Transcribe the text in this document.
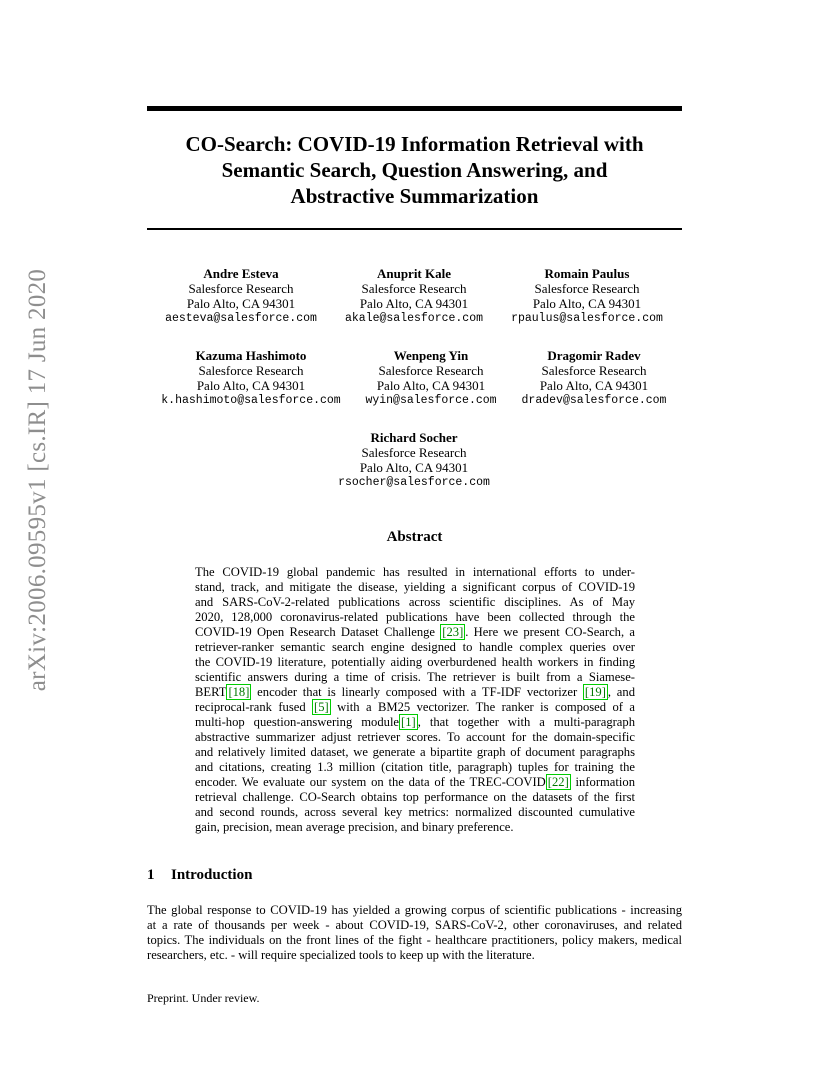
arXiv:2006.09595v1 [cs.IR] 17 Jun 2020
CO-Search: COVID-19 Information Retrieval with
Semantic Search, Question Answering, and
Abstractive Summarization
Andre Esteva
Salesforce Research
Palo Alto, CA 94301
aesteva@salesforce.com
Anuprit Kale
Salesforce Research
Palo Alto, CA 94301
akale@salesforce.com
Romain Paulus
Salesforce Research
Palo Alto, CA 94301
rpaulus@salesforce.com
Kazuma Hashimoto
Salesforce Research
Palo Alto, CA 94301
k.hashimoto@salesforce.com
Wenpeng Yin
Salesforce Research
Palo Alto, CA 94301
wyin@salesforce.com
Dragomir Radev
Salesforce Research
Palo Alto, CA 94301
dradev@salesforce.com
Richard Socher
Salesforce Research
Palo Alto, CA 94301
rsocher@salesforce.com
Abstract
The COVID-19 global pandemic has resulted in international efforts to under-
stand, track, and mitigate the disease, yielding a significant corpus of COVID-19
and SARS-CoV-2-related publications across scientific disciplines. As of May
2020, 128,000 coronavirus-related publications have been collected through the
COVID-19 Open Research Dataset Challenge [23] . Here we present CO-Search, a
retriever-ranker semantic search engine designed to handle complex queries over
the COVID-19 literature, potentially aiding overburdened health workers in finding
scientific answers during a time of crisis. The retriever is built from a Siamese-
BERT [18] encoder that is linearly composed with a TF-IDF vectorizer [19] , and
reciprocal-rank fused [5] with a BM25 vectorizer. The ranker is composed of a
multi-hop question-answering module [1] , that together with a multi-paragraph
abstractive summarizer adjust retriever scores. To account for the domain-specific
and relatively limited dataset, we generate a bipartite graph of document paragraphs
and citations, creating 1.3 million (citation title, paragraph) tuples for training the
encoder. We evaluate our system on the data of the TREC-COVID [22] information
retrieval challenge. CO-Search obtains top performance on the datasets of the first
and second rounds, across several key metrics: normalized discounted cumulative
gain, precision, mean average precision, and binary preference.
1 Introduction
The global response to COVID-19 has yielded a growing corpus of scientific publications - increasing
at a rate of thousands per week - about COVID-19, SARS-CoV-2, other coronaviruses, and related
topics. The individuals on the front lines of the fight - healthcare practitioners, policy makers, medical
researchers, etc. - will require specialized tools to keep up with the literature.
Preprint. Under review.
